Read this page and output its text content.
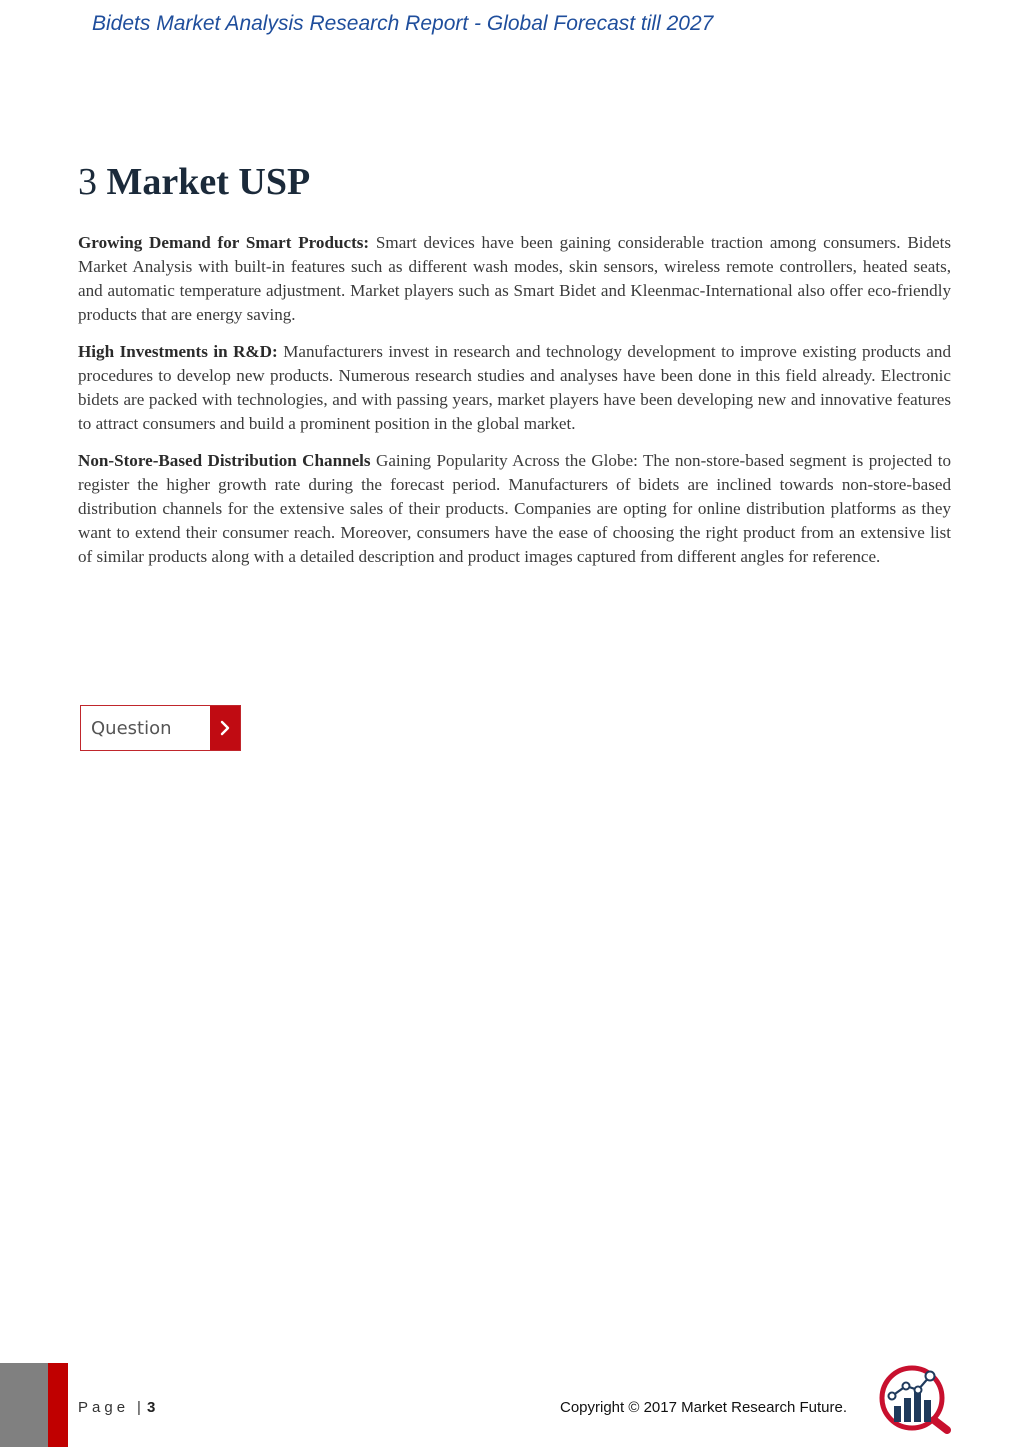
Bidets Market Analysis Research Report - Global Forecast till 2027
3 Market USP

Growing Demand for Smart Products: Smart devices have been gaining considerable traction among consumers. Bidets Market Analysis with built-in features such as different wash modes, skin sensors, wireless remote controllers, heated seats, and automatic temperature adjustment. Market players such as Smart Bidet and Kleenmac-International also offer eco-friendly products that are energy saving.

High Investments in R&D: Manufacturers invest in research and technology development to improve existing products and procedures to develop new products. Numerous research studies and analyses have been done in this field already. Electronic bidets are packed with technologies, and with passing years, market players have been developing new and innovative features to attract consumers and build a prominent position in the global market.

Non-Store-Based Distribution Channels Gaining Popularity Across the Globe: The non-store-based segment is projected to register the higher growth rate during the forecast period. Manufacturers of bidets are inclined towards non-store-based distribution channels for the extensive sales of their products. Companies are opting for online distribution platforms as they want to extend their consumer reach. Moreover, consumers have the ease of choosing the right product from an extensive list of similar products along with a detailed description and product images captured from different angles for reference.

Question
Page | 3	Copyright © 2017 Market Research Future.
